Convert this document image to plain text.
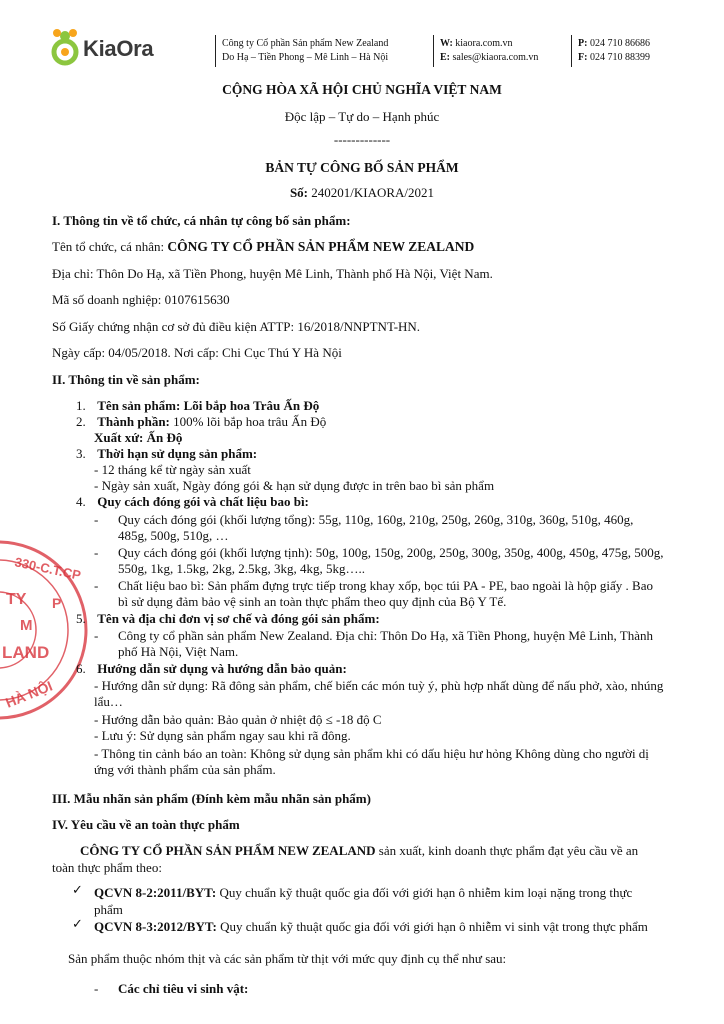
KiaOra	Công ty Cổ phần Sản phẩm New Zealand
Do Hạ – Tiền Phong – Mê Linh – Hà Nội
W: kiaora.com.vn
E: sales@kiaora.com.vn
P: 024 710 86686
F: 024 710 88399
330-C.T.CP
TY P
M
LAND
HÀ NỘI
CỘNG HÒA XÃ HỘI CHỦ NGHĨA VIỆT NAM
Độc lập – Tự do – Hạnh phúc
-------------
BẢN TỰ CÔNG BỐ SẢN PHẨM
Số: 240201/KIAORA/2021
I. Thông tin về tổ chức, cá nhân tự công bố sản phẩm:
Tên tổ chức, cá nhân: CÔNG TY CỔ PHẦN SẢN PHẨM NEW ZEALAND
Địa chỉ: Thôn Do Hạ, xã Tiền Phong, huyện Mê Linh, Thành phố Hà Nội, Việt Nam.
Mã số doanh nghiệp: 0107615630
Số Giấy chứng nhận cơ sở đủ điều kiện ATTP: 16/2018/NNPTNT-HN.
Ngày cấp: 04/05/2018. Nơi cấp: Chi Cục Thú Y Hà Nội
II. Thông tin về sản phẩm:
1. Tên sản phẩm: Lõi bắp hoa Trâu Ấn Độ
2. Thành phần: 100% lõi bắp hoa trâu Ấn Độ
Xuất xứ: Ấn Độ
3. Thời hạn sử dụng sản phẩm:
- 12 tháng kể từ ngày sản xuất
- Ngày sản xuất, Ngày đóng gói & hạn sử dụng được in trên bao bì sản phẩm
4. Quy cách đóng gói và chất liệu bao bì:
- Quy cách đóng gói (khối lượng tổng): 55g, 110g, 160g, 210g, 250g, 260g, 310g, 360g, 510g, 460g,
485g, 500g, 510g, …
- Quy cách đóng gói (khối lượng tịnh): 50g, 100g, 150g, 200g, 250g, 300g, 350g, 400g, 450g, 475g, 500g,
550g, 1kg, 1.5kg, 2kg, 2.5kg, 3kg, 4kg, 5kg…..
- Chất liệu bao bì: Sản phẩm đựng trực tiếp trong khay xốp, bọc túi PA - PE, bao ngoài là hộp giấy . Bao
bì sử dụng đảm bảo vệ sinh an toàn thực phẩm theo quy định của Bộ Y Tế.
5. Tên và địa chỉ đơn vị sơ chế và đóng gói sản phẩm:
- Công ty cổ phần sản phẩm New Zealand. Địa chỉ: Thôn Do Hạ, xã Tiền Phong, huyện Mê Linh, Thành
phố Hà Nội, Việt Nam.
6. Hướng dẫn sử dụng và hướng dẫn bảo quản:
- Hướng dẫn sử dụng: Rã đông sản phẩm, chế biến các món tuỳ ý, phù hợp nhất dùng để nấu phở, xào, nhúng
lẩu…
- Hướng dẫn bảo quản: Bảo quản ở nhiệt độ ≤ -18 độ C
- Lưu ý: Sử dụng sản phẩm ngay sau khi rã đông.
- Thông tin cảnh báo an toàn: Không sử dụng sản phẩm khi có dấu hiệu hư hỏng Không dùng cho người dị
ứng với thành phẩm của sản phẩm.
III. Mẫu nhãn sản phẩm (Đính kèm mẫu nhãn sản phẩm)
IV. Yêu cầu về an toàn thực phẩm
CÔNG TY CỔ PHẦN SẢN PHẨM NEW ZEALAND sản xuất, kinh doanh thực phẩm đạt yêu cầu về an
toàn thực phẩm theo:
✓ QCVN 8-2:2011/BYT: Quy chuẩn kỹ thuật quốc gia đối với giới hạn ô nhiễm kim loại nặng trong thực
phẩm
✓ QCVN 8-3:2012/BYT: Quy chuẩn kỹ thuật quốc gia đối với giới hạn ô nhiễm vi sinh vật trong thực phẩm
Sản phẩm thuộc nhóm thịt và các sản phẩm từ thịt với mức quy định cụ thể như sau:
- Các chỉ tiêu vi sinh vật:
